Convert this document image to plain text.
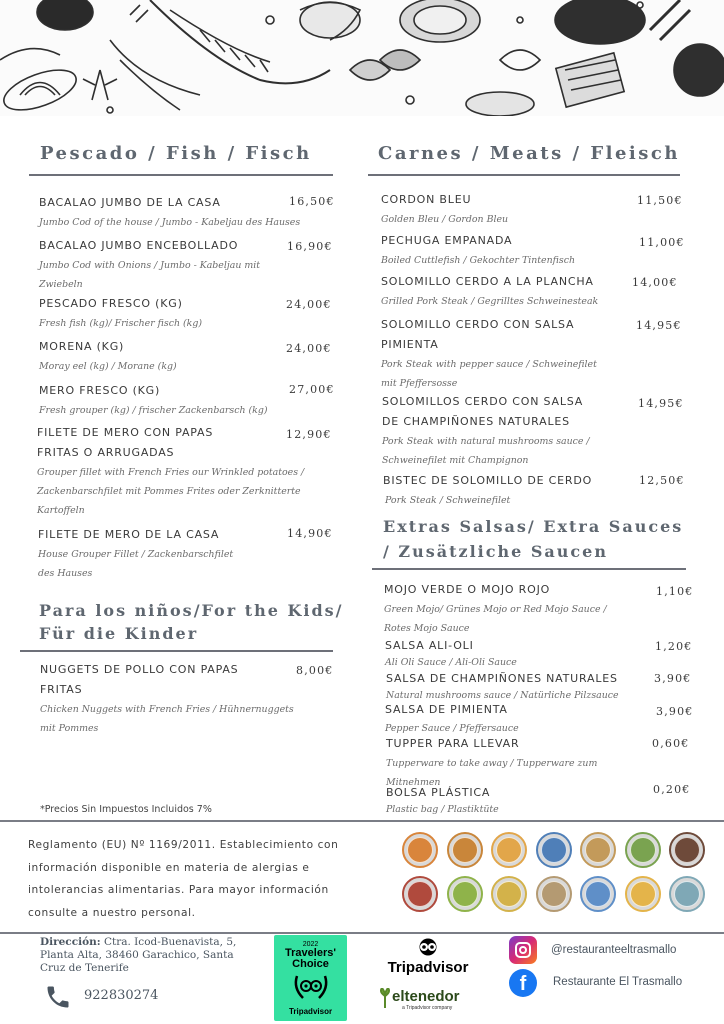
Pescado / Fish / Fisch
BACALAO JUMBO DE LA CASA
Jumbo Cod of the house / Jumbo - Kabeljau des Hauses
16,50€
BACALAO JUMBO ENCEBOLLADO
Jumbo Cod with Onions / Jumbo - Kabeljau mit Zwiebeln
16,90€
PESCADO FRESCO (KG)
Fresh fish (kg)/ Frischer fisch (kg)
24,00€
MORENA (KG)
Moray eel (kg) / Morane (kg)
24,00€
MERO FRESCO (KG)
Fresh grouper (kg) / frischer Zackenbarsch (kg)
27,00€
FILETE DE MERO CON PAPAS FRITAS O ARRUGADAS
Grouper fillet with French Fries our Wrinkled potatoes / Zackenbarschfilet mit Pommes Frites oder Zerknitterte Kartoffeln
12,90€
FILETE DE MERO DE LA CASA
House Grouper Fillet / Zackenbarschfilet des Hauses
14,90€
Para los niños/For the Kids/
Für die Kinder
NUGGETS DE POLLO CON PAPAS FRITAS
Chicken Nuggets with French Fries / Hühnernuggets mit Pommes
8,00€
*Precios Sin Impuestos Incluidos 7%
Carnes / Meats / Fleisch
CORDON BLEU
Golden Bleu / Gordon Bleu
11,50€
PECHUGA EMPANADA
Boiled Cuttlefish / Gekochter Tintenfisch
11,00€
SOLOMILLO CERDO A LA PLANCHA
Grilled Pork Steak / Gegrilltes Schweinesteak
14,00€
SOLOMILLO CERDO CON SALSA PIMIENTA
Pork Steak with pepper sauce / Schweinefilet mit Pfeffersosse
14,95€
SOLOMILLOS CERDO CON SALSA DE CHAMPIÑONES NATURALES
Pork Steak with natural mushrooms sauce / Schweinefilet mit Champignon
14,95€
BISTEC DE SOLOMILLO DE CERDO
Pork Steak / Schweinefilet
12,50€
Extras Salsas/ Extra Sauces
/ Zusätzliche Saucen
MOJO VERDE O MOJO ROJO
Green Mojo/ Grünes Mojo or Red Mojo Sauce / Rotes Mojo Sauce
1,10€
SALSA ALI-OLI
Ali Oli Sauce / Ali-Oli Sauce
1,20€
SALSA DE CHAMPIÑONES NATURALES
Natural mushrooms sauce / Natürliche Pilzsauce
3,90€
SALSA DE PIMIENTA
Pepper Sauce / Pfeffersauce
3,90€
TUPPER PARA LLEVAR
Tupperware to take away / Tupperware zum Mitnehmen
0,60€
BOLSA PLÁSTICA
Plastic bag / Plastiktüte
0,20€
Reglamento (EU) Nº 1169/2011. Establecimiento con información disponible en materia de alergias e intolerancias alimentarias. Para mayor información consulte a nuestro personal.
Dirección: Ctra. Icod-Buenavista, 5, Planta Alta, 38460 Garachico, Santa Cruz de Tenerife
922830274
2022
Travelers'
Choice
Tripadvisor
Tripadvisor
eltenedor
a Tripadvisor company
@restauranteeltrasmallo
f	Restaurante El Trasmallo
